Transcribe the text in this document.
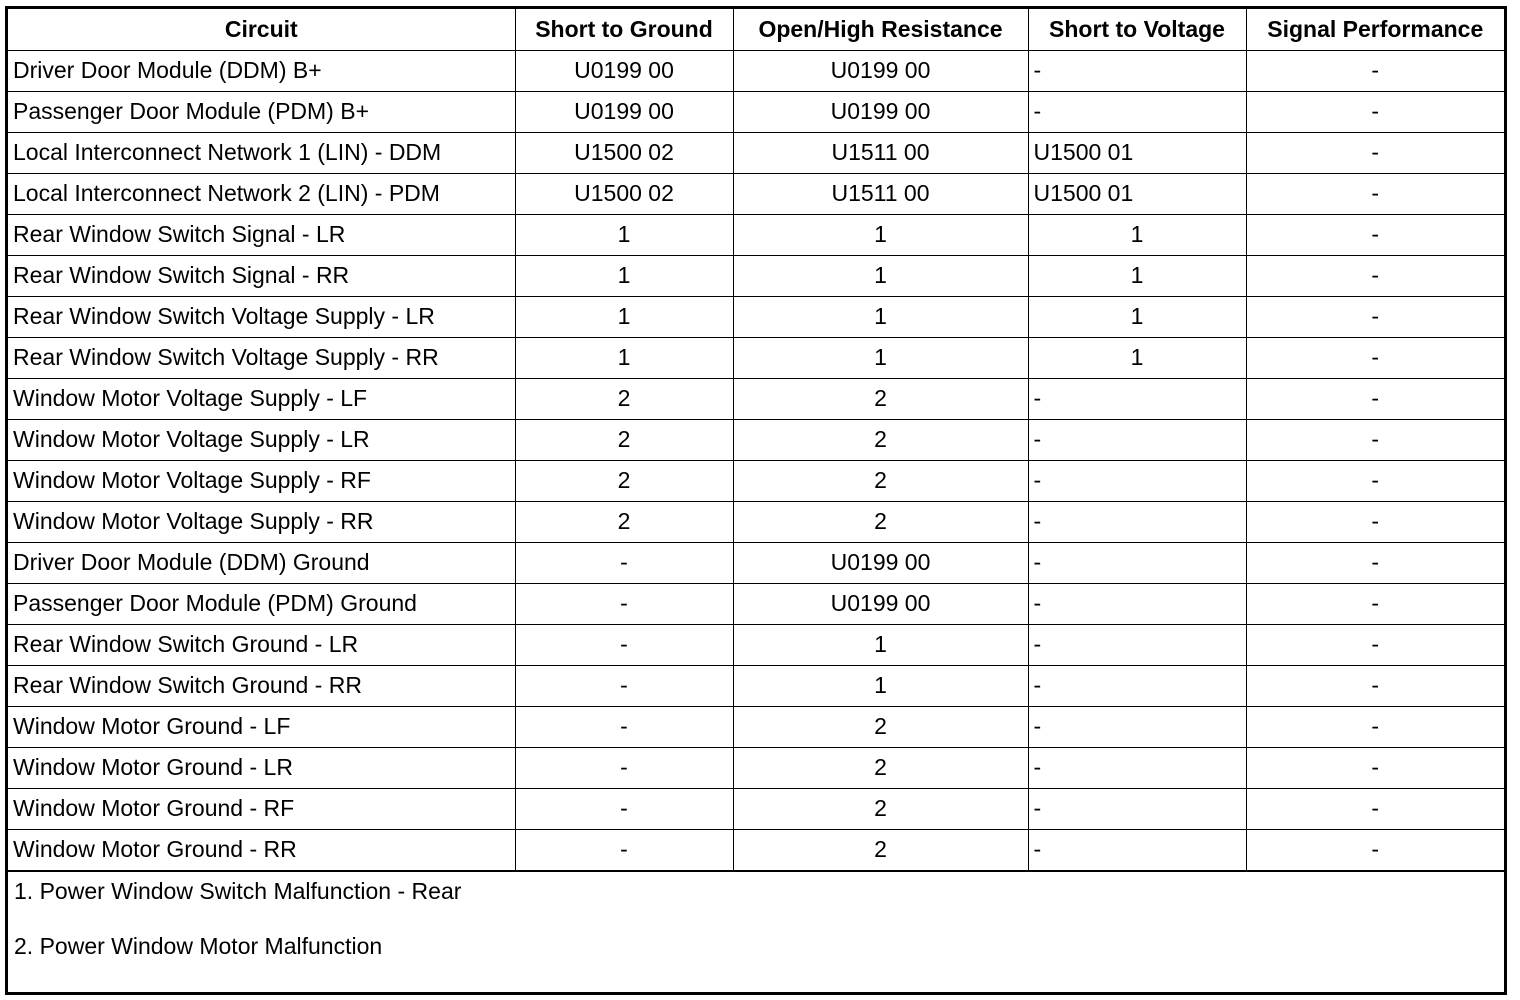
Circuit	Short to Ground	Open/High Resistance	Short to Voltage	Signal Performance
Driver Door Module (DDM) B+	U0199 00	U0199 00	-	-
Passenger Door Module (PDM) B+	U0199 00	U0199 00	-	-
Local Interconnect Network 1 (LIN) - DDM	U1500 02	U1511 00	U1500 01	-
Local Interconnect Network 2 (LIN) - PDM	U1500 02	U1511 00	U1500 01	-
Rear Window Switch Signal - LR	1	1	1	-
Rear Window Switch Signal - RR	1	1	1	-
Rear Window Switch Voltage Supply - LR	1	1	1	-
Rear Window Switch Voltage Supply - RR	1	1	1	-
Window Motor Voltage Supply - LF	2	2	-	-
Window Motor Voltage Supply - LR	2	2	-	-
Window Motor Voltage Supply - RF	2	2	-	-
Window Motor Voltage Supply - RR	2	2	-	-
Driver Door Module (DDM) Ground	-	U0199 00	-	-
Passenger Door Module (PDM) Ground	-	U0199 00	-	-
Rear Window Switch Ground - LR	-	1	-	-
Rear Window Switch Ground - RR	-	1	-	-
Window Motor Ground - LF	-	2	-	-
Window Motor Ground - LR	-	2	-	-
Window Motor Ground - RF	-	2	-	-
Window Motor Ground - RR	-	2	-	-
1. Power Window Switch Malfunction - Rear
2. Power Window Motor Malfunction
